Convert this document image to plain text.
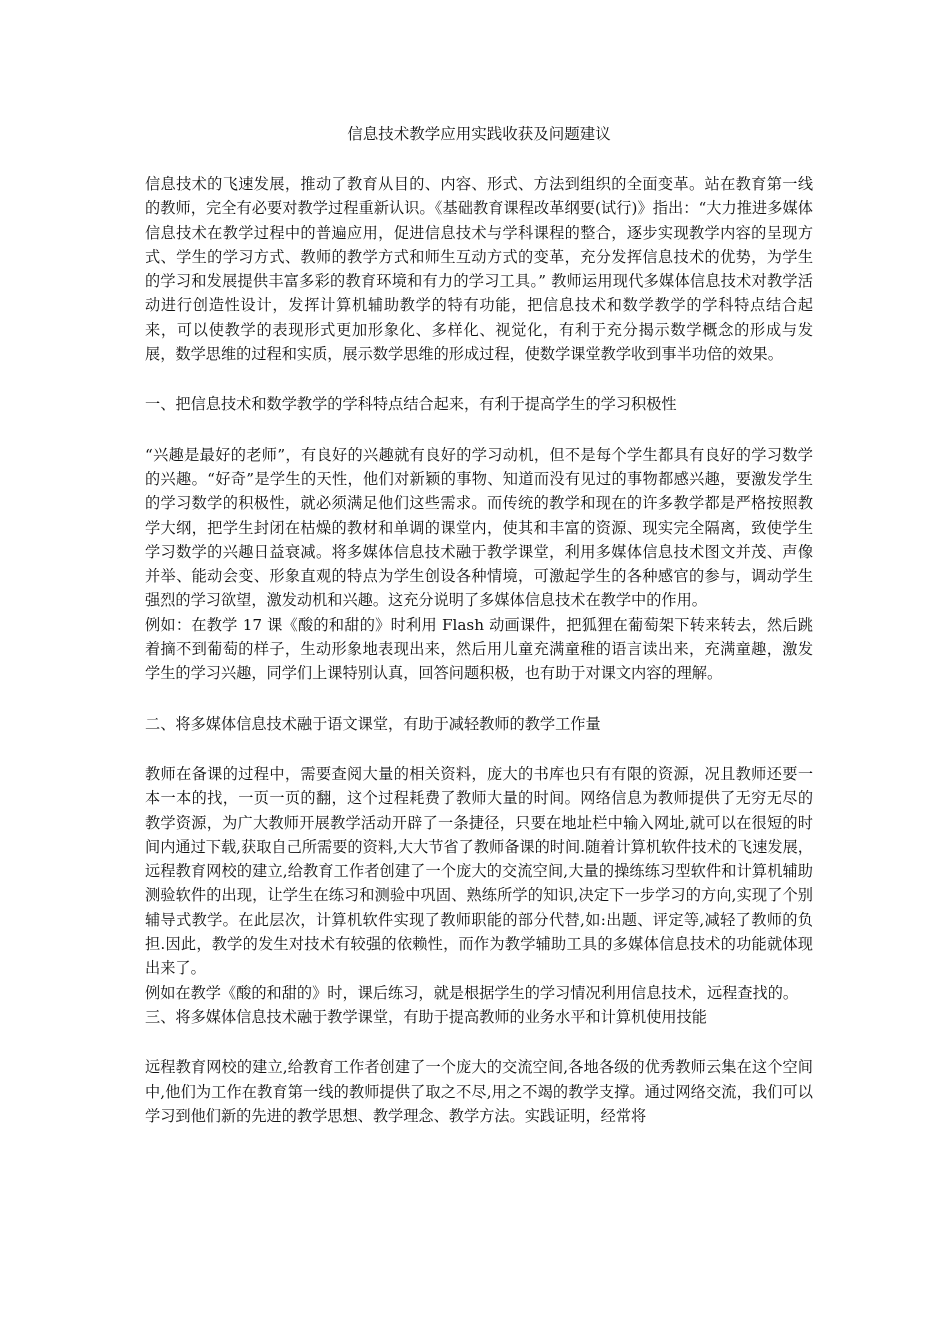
信息技术教学应用实践收获及问题建议

信息技术的飞速发展，推动了教育从目的、内容、形式、方法到组织的全面变革。站在教育第一线的教师，完全有必要对教学过程重新认识。《基础教育课程改革纲要(试行)》指出：“大力推进多媒体信息技术在教学过程中的普遍应用，促进信息技术与学科课程的整合，逐步实现教学内容的呈现方式、学生的学习方式、教师的教学方式和师生互动方式的变革，充分发挥信息技术的优势，为学生的学习和发展提供丰富多彩的教育环境和有力的学习工具。” 教师运用现代多媒体信息技术对教学活动进行创造性设计，发挥计算机辅助教学的特有功能，把信息技术和数学教学的学科特点结合起来，可以使教学的表现形式更加形象化、多样化、视觉化，有利于充分揭示数学概念的形成与发展，数学思维的过程和实质，展示数学思维的形成过程，使数学课堂教学收到事半功倍的效果。

一、把信息技术和数学教学的学科特点结合起来，有利于提高学生的学习积极性

“兴趣是最好的老师”，有良好的兴趣就有良好的学习动机，但不是每个学生都具有良好的学习数学的兴趣。“好奇”是学生的天性，他们对新颖的事物、知道而没有见过的事物都感兴趣，要激发学生的学习数学的积极性，就必须满足他们这些需求。而传统的教学和现在的许多教学都是严格按照教学大纲，把学生封闭在枯燥的教材和单调的课堂内，使其和丰富的资源、现实完全隔离，致使学生学习数学的兴趣日益衰减。将多媒体信息技术融于教学课堂，利用多媒体信息技术图文并茂、声像并举、能动会变、形象直观的特点为学生创设各种情境，可激起学生的各种感官的参与，调动学生强烈的学习欲望，激发动机和兴趣。这充分说明了多媒体信息技术在教学中的作用。

例如：在教学 17 课《酸的和甜的》时利用 Flash 动画课件，把狐狸在葡萄架下转来转去，然后跳着摘不到葡萄的样子，生动形象地表现出来，然后用儿童充满童稚的语言读出来，充满童趣，激发学生的学习兴趣，同学们上课特别认真，回答问题积极，也有助于对课文内容的理解。

二、将多媒体信息技术融于语文课堂，有助于减轻教师的教学工作量

教师在备课的过程中，需要查阅大量的相关资料，庞大的书库也只有有限的资源，况且教师还要一本一本的找，一页一页的翻，这个过程耗费了教师大量的时间。网络信息为教师提供了无穷无尽的教学资源，为广大教师开展教学活动开辟了一条捷径，只要在地址栏中输入网址,就可以在很短的时间内通过下载,获取自己所需要的资料,大大节省了教师备课的时间.随着计算机软件技术的飞速发展，远程教育网校的建立,给教育工作者创建了一个庞大的交流空间,大量的操练练习型软件和计算机辅助测验软件的出现，让学生在练习和测验中巩固、熟练所学的知识,决定下一步学习的方向,实现了个别辅导式教学。在此层次，计算机软件实现了教师职能的部分代替,如:出题、评定等,减轻了教师的负担.因此，教学的发生对技术有较强的依赖性，而作为教学辅助工具的多媒体信息技术的功能就体现出来了。

例如在教学《酸的和甜的》时，课后练习，就是根据学生的学习情况利用信息技术，远程查找的。

三、将多媒体信息技术融于教学课堂，有助于提高教师的业务水平和计算机使用技能

远程教育网校的建立,给教育工作者创建了一个庞大的交流空间,各地各级的优秀教师云集在这个空间中,他们为工作在教育第一线的教师提供了取之不尽,用之不竭的教学支撑。通过网络交流，我们可以学习到他们新的先进的教学思想、教学理念、教学方法。实践证明，经常将
